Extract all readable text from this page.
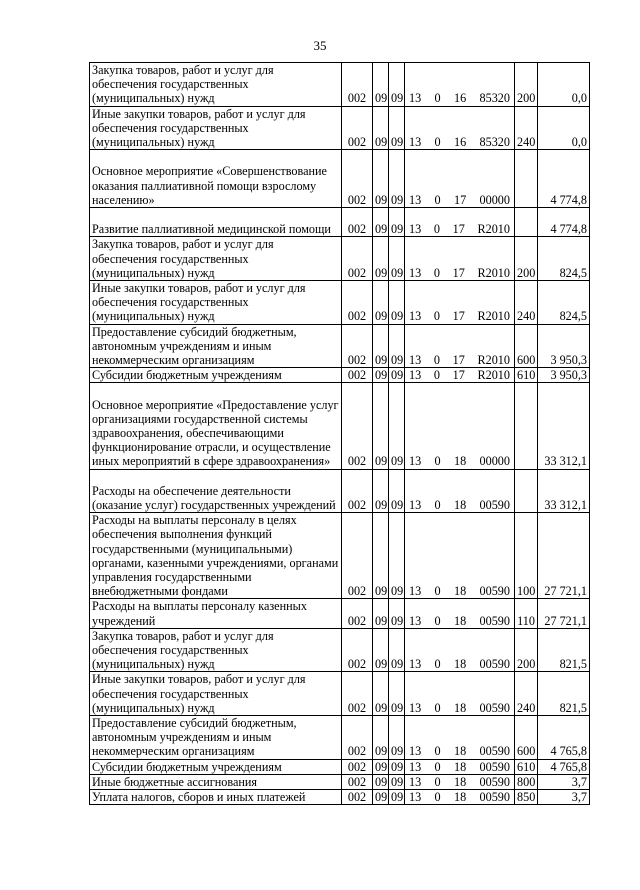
35
Закупка товаров, работ и услуг для обеспечения государственных (муниципальных) нужд	002	09	09	13 0 16 85320	200	0,0
Иные закупки товаров, работ и услуг для обеспечения государственных (муниципальных) нужд	002	09	09	13 0 16 85320	240	0,0
Основное мероприятие «Совершенствование оказания паллиативной помощи взрослому населению»	002	09	09	13 0 17 00000		4 774,8
Развитие паллиативной медицинской помощи	002	09	09	13 0 17 R2010		4 774,8
Закупка товаров, работ и услуг для обеспечения государственных (муниципальных) нужд	002	09	09	13 0 17 R2010	200	824,5
Иные закупки товаров, работ и услуг для обеспечения государственных (муниципальных) нужд	002	09	09	13 0 17 R2010	240	824,5
Предоставление субсидий бюджетным, автономным учреждениям и иным некоммерческим организациям	002	09	09	13 0 17 R2010	600	3 950,3
Субсидии бюджетным учреждениям	002	09	09	13 0 17 R2010	610	3 950,3
Основное мероприятие «Предоставление услуг организациями государственной системы здравоохранения, обеспечивающими функционирование отрасли, и осуществление иных мероприятий в сфере здравоохранения»	002	09	09	13 0 18 00000		33 312,1
Расходы на обеспечение деятельности (оказание услуг) государственных учреждений	002	09	09	13 0 18 00590		33 312,1
Расходы на выплаты персоналу в целях обеспечения выполнения функций государственными (муниципальными) органами, казенными учреждениями, органами управления государственными внебюджетными фондами	002	09	09	13 0 18 00590	100	27 721,1
Расходы на выплаты персоналу казенных учреждений	002	09	09	13 0 18 00590	110	27 721,1
Закупка товаров, работ и услуг для обеспечения государственных (муниципальных) нужд	002	09	09	13 0 18 00590	200	821,5
Иные закупки товаров, работ и услуг для обеспечения государственных (муниципальных) нужд	002	09	09	13 0 18 00590	240	821,5
Предоставление субсидий бюджетным, автономным учреждениям и иным некоммерческим организациям	002	09	09	13 0 18 00590	600	4 765,8
Субсидии бюджетным учреждениям	002	09	09	13 0 18 00590	610	4 765,8
Иные бюджетные ассигнования	002	09	09	13 0 18 00590	800	3,7
Уплата налогов, сборов и иных платежей	002	09	09	13 0 18 00590	850	3,7
